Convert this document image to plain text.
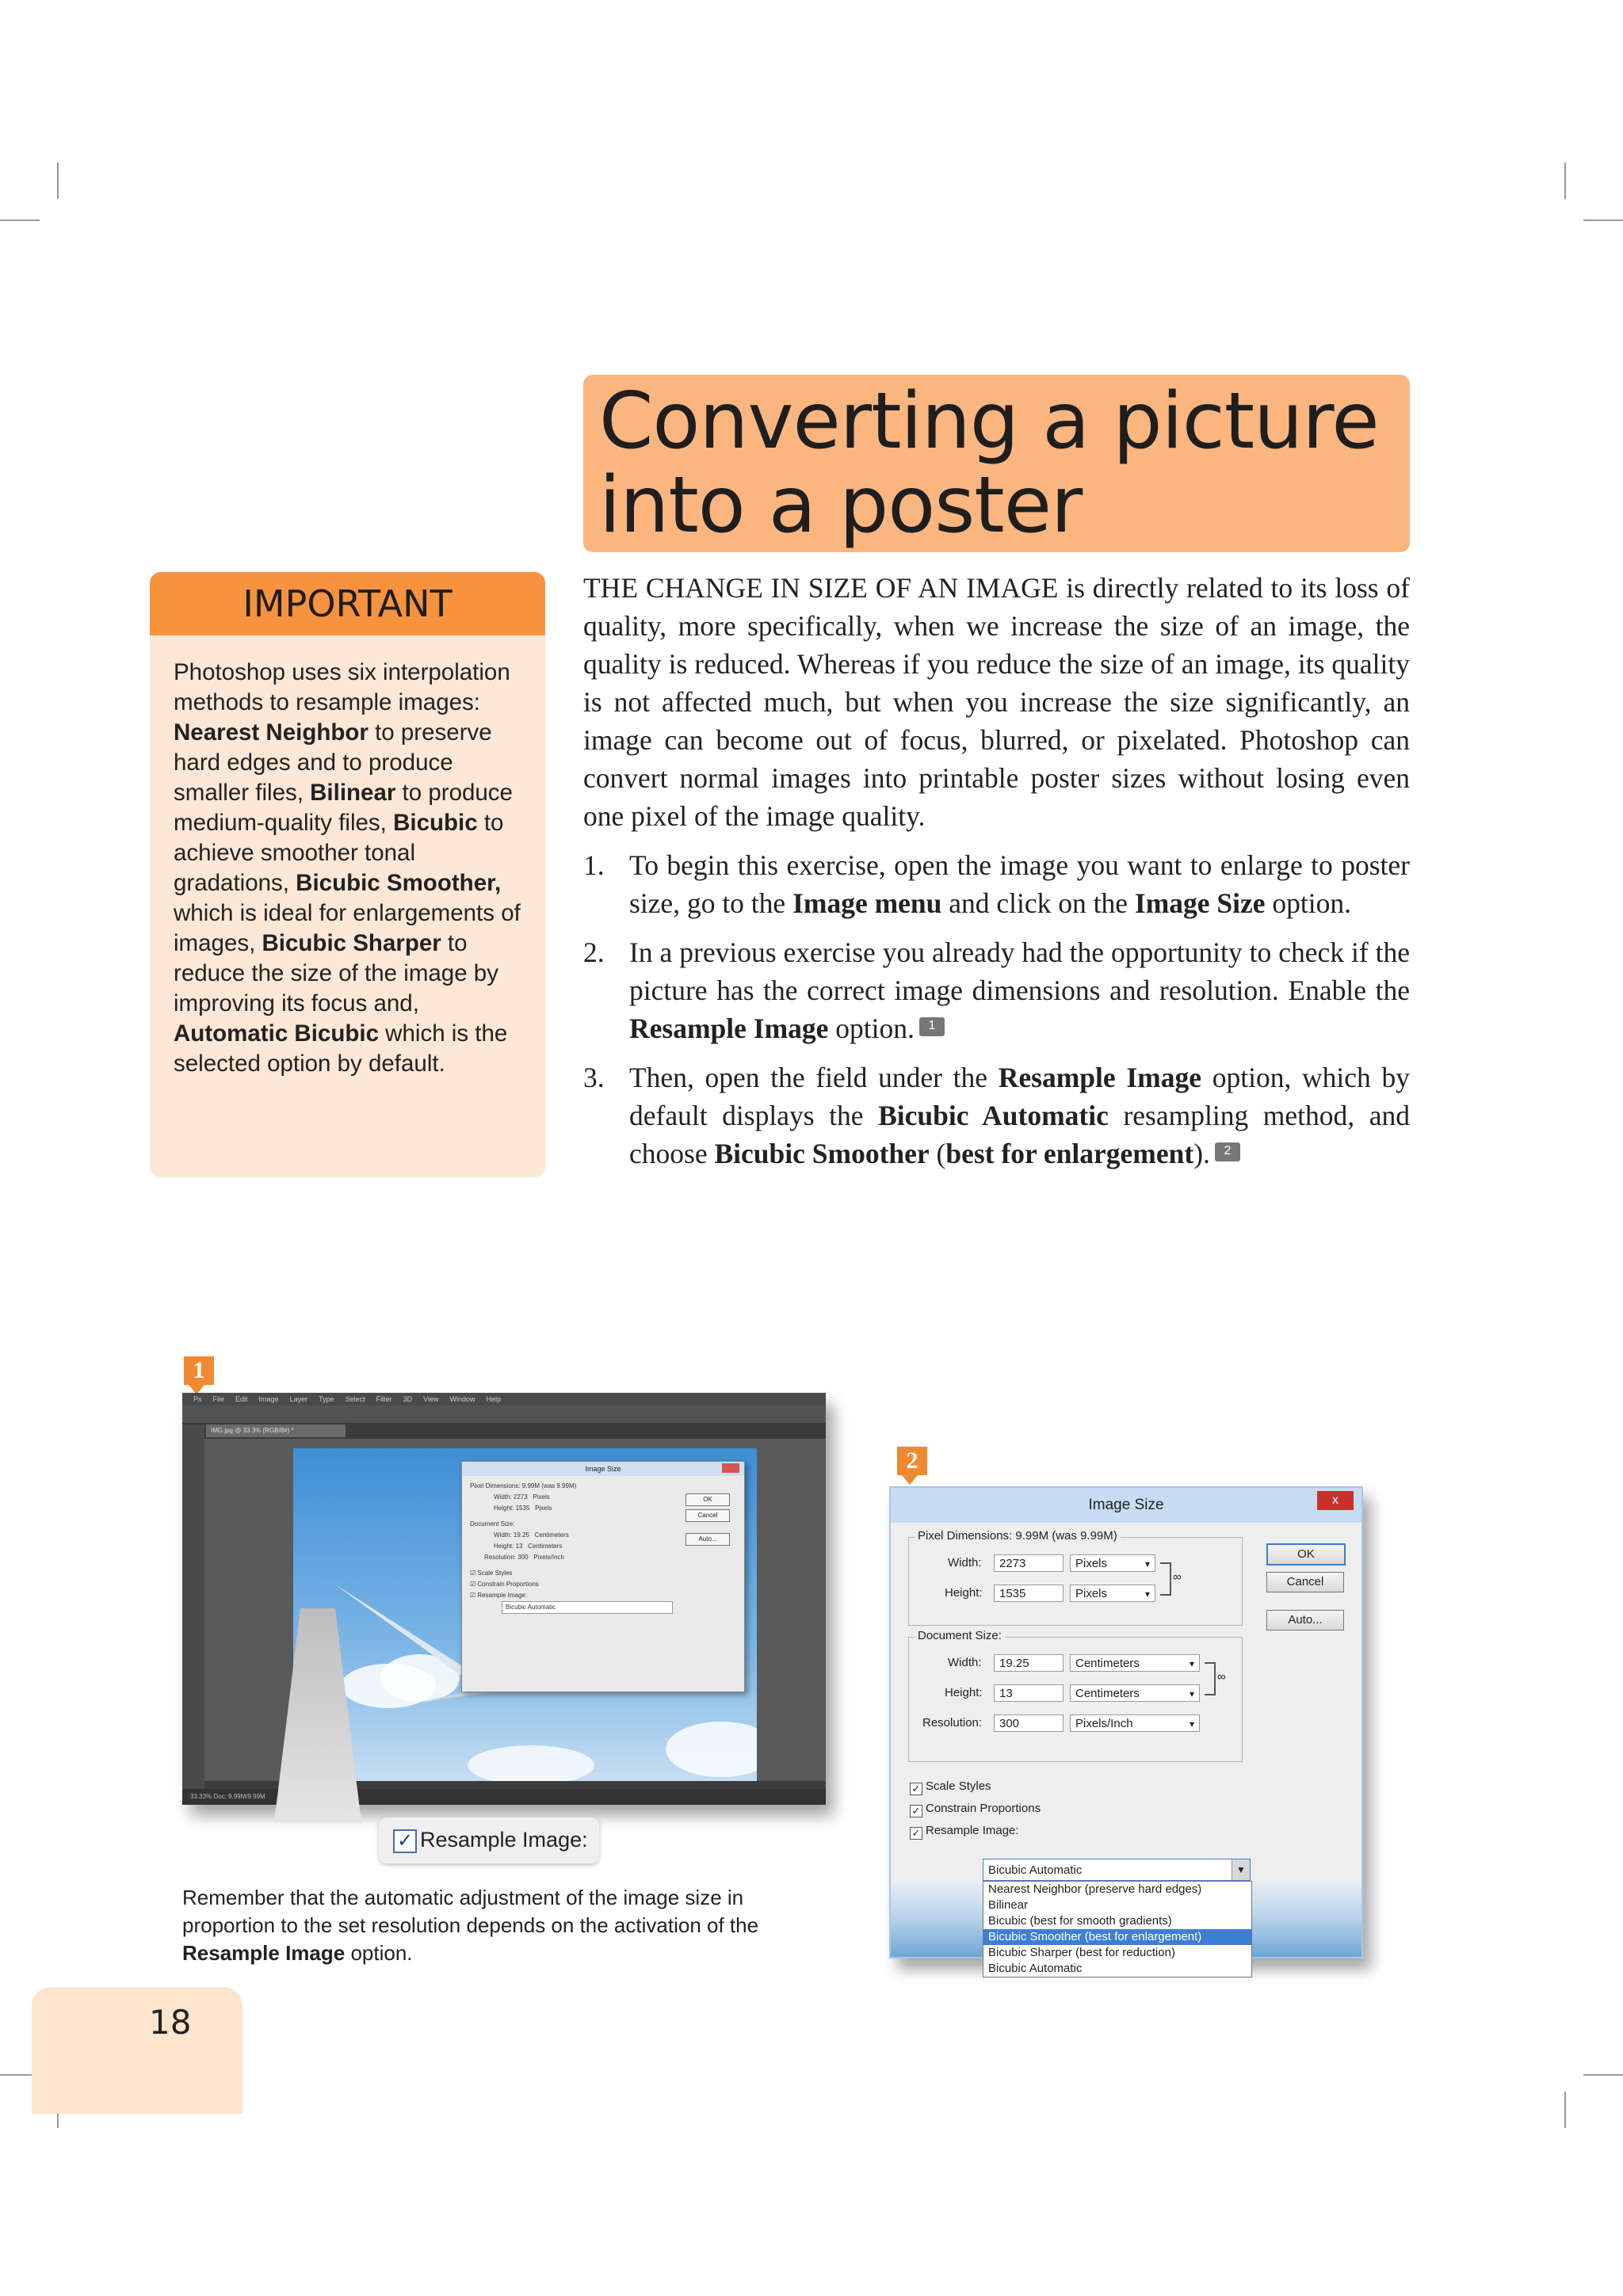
Converting a picture
into a poster
IMPORTANT
Photoshop uses six interpolation methods to resample images: Nearest Neighbor to preserve hard edges and to produce smaller files, Bilinear to produce medium-quality files, Bicubic to achieve smoother tonal gradations, Bicubic Smoother, which is ideal for enlargements of images, Bicubic Sharper to reduce the size of the image by improving its focus and, Automatic Bicubic which is the selected option by default.

THE CHANGE IN SIZE OF AN IMAGE is directly related to its loss of quality, more specifically, when we increase the size of an image, the quality is reduced. Whereas if you reduce the size of an image, its quality is not affected much, but when you increase the size significantly, an image can become out of focus, blurred, or pixelated. Photoshop can convert normal images into printable poster sizes without losing even one pixel of the image quality.

1. To begin this exercise, open the image you want to enlarge to poster size, go to the Image menu and click on the Image Size option.
2. In a previous exercise you already had the opportunity to check if the picture has the correct image dimensions and resolution. Enable the Resample Image option. 1
3. Then, open the field under the Resample Image option, which by default displays the Bicubic Automatic resampling method, and choose Bicubic Smoother (best for enlargement). 2
1
Ps File Edit Image Layer Type Select Filter 3D View Window Help
IMG.jpg @ 33.3% (RGB/8#) *
Image Size
Pixel Dimensions: 9.99M (was 9.99M)
Width: 2273 Pixels
Height: 1535 Pixels
Document Size:
Width: 19.25 Centimeters
Height: 13 Centimeters
Resolution: 300 Pixels/Inch
☑ Scale Styles
☑ Constrain Proportions
☑ Resample Image:
Bicubic Automatic
OK
Cancel
Auto...
33.33% Doc: 9.99M/9.99M
✓ Resample Image:
Remember that the automatic adjustment of the image size in proportion to the set resolution depends on the activation of the Resample Image option.
2
Image Size	x
Pixel Dimensions: 9.99M (was 9.99M)
Width:	2273	Pixels ▾
Height:	1535	Pixels ▾
∞
Document Size:
Width:	19.25	Centimeters ▾
Height:	13	Centimeters ▾
∞
Resolution:	300	Pixels/Inch ▾
OK
Cancel
Auto...
✓ Scale Styles
✓ Constrain Proportions
✓ Resample Image:
Bicubic Automatic	▼
Nearest Neighbor (preserve hard edges)
Bilinear
Bicubic (best for smooth gradients)
Bicubic Smoother (best for enlargement)
Bicubic Sharper (best for reduction)
Bicubic Automatic
18
